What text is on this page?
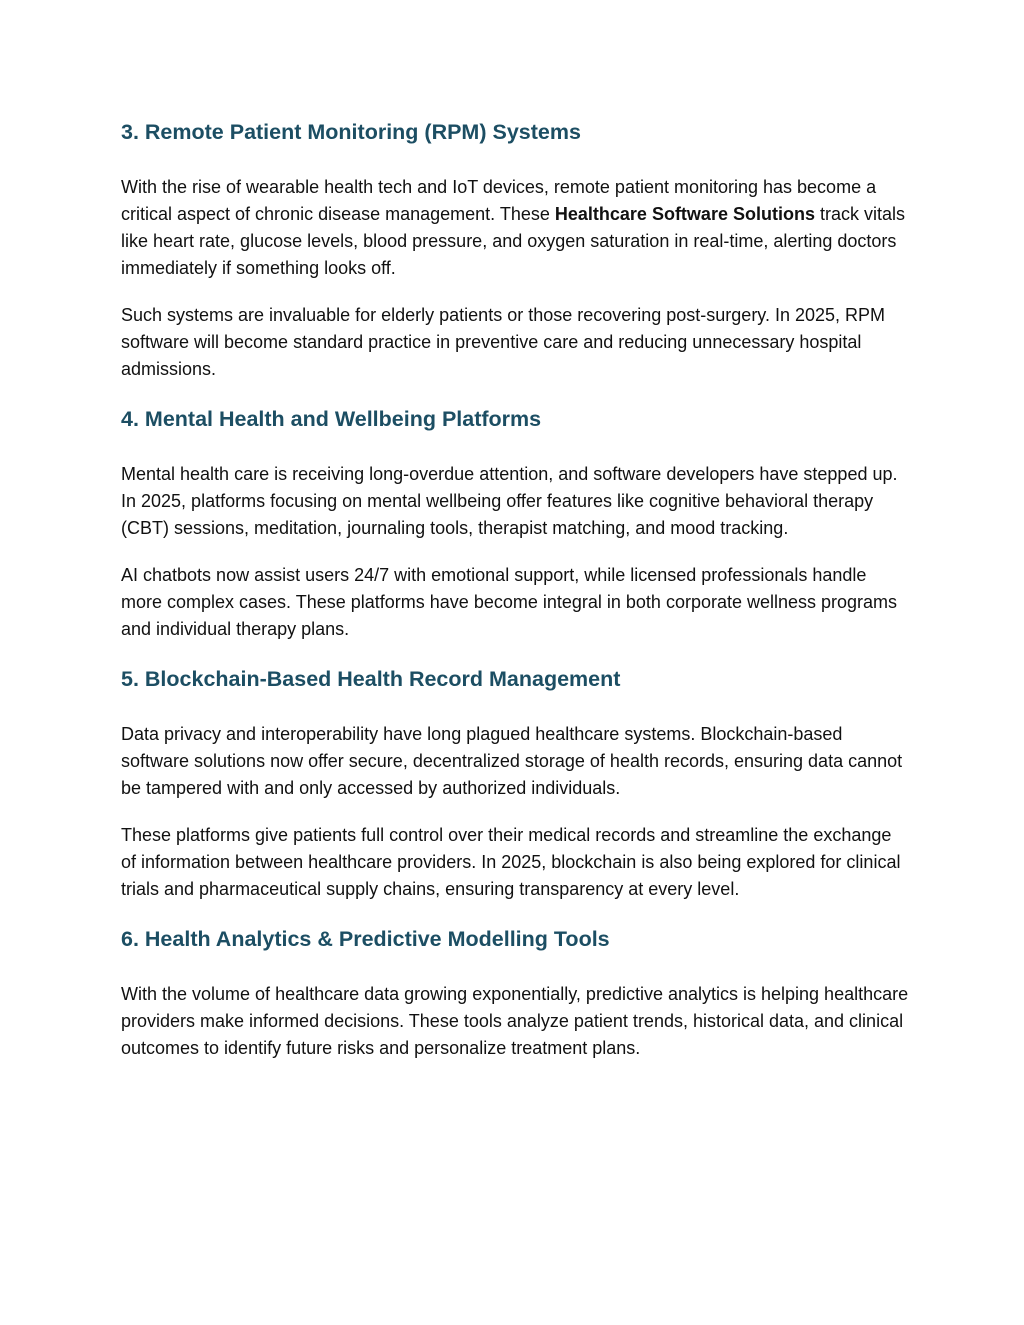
3. Remote Patient Monitoring (RPM) Systems

With the rise of wearable health tech and IoT devices, remote patient monitoring has become a critical aspect of chronic disease management. These Healthcare Software Solutions track vitals like heart rate, glucose levels, blood pressure, and oxygen saturation in real-time, alerting doctors immediately if something looks off.

Such systems are invaluable for elderly patients or those recovering post-surgery. In 2025, RPM software will become standard practice in preventive care and reducing unnecessary hospital admissions.

4. Mental Health and Wellbeing Platforms

Mental health care is receiving long-overdue attention, and software developers have stepped up. In 2025, platforms focusing on mental wellbeing offer features like cognitive behavioral therapy (CBT) sessions, meditation, journaling tools, therapist matching, and mood tracking.

AI chatbots now assist users 24/7 with emotional support, while licensed professionals handle more complex cases. These platforms have become integral in both corporate wellness programs and individual therapy plans.

5. Blockchain-Based Health Record Management

Data privacy and interoperability have long plagued healthcare systems. Blockchain-based software solutions now offer secure, decentralized storage of health records, ensuring data cannot be tampered with and only accessed by authorized individuals.

These platforms give patients full control over their medical records and streamline the exchange of information between healthcare providers. In 2025, blockchain is also being explored for clinical trials and pharmaceutical supply chains, ensuring transparency at every level.

6. Health Analytics & Predictive Modelling Tools

With the volume of healthcare data growing exponentially, predictive analytics is helping healthcare providers make informed decisions. These tools analyze patient trends, historical data, and clinical outcomes to identify future risks and personalize treatment plans.
